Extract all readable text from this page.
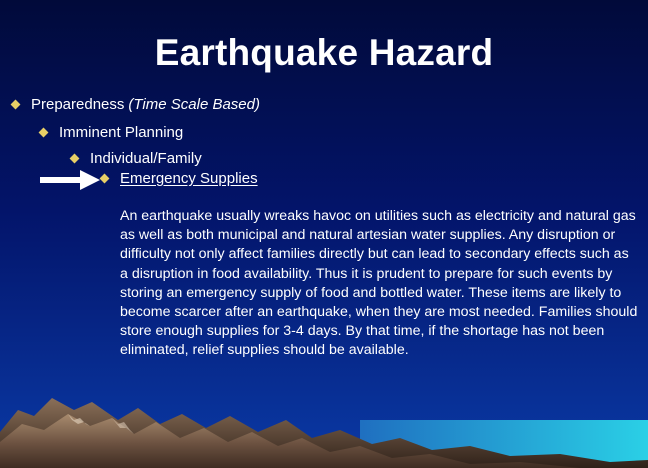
Earthquake Hazard
Preparedness (Time Scale Based)
Imminent Planning
Individual/Family
Emergency Supplies

An earthquake usually wreaks havoc on utilities such as electricity and natural gas as well as both municipal and natural artesian water supplies. Any disruption or difficulty not only affect families directly but can lead to secondary effects such as a disruption in food availability. Thus it is prudent to prepare for such events by storing an emergency supply of food and bottled water. These items are likely to become scarcer after an earthquake, when they are most needed. Families should store enough supplies for 3-4 days. By that time, if the shortage has not been eliminated, relief supplies should be available.
